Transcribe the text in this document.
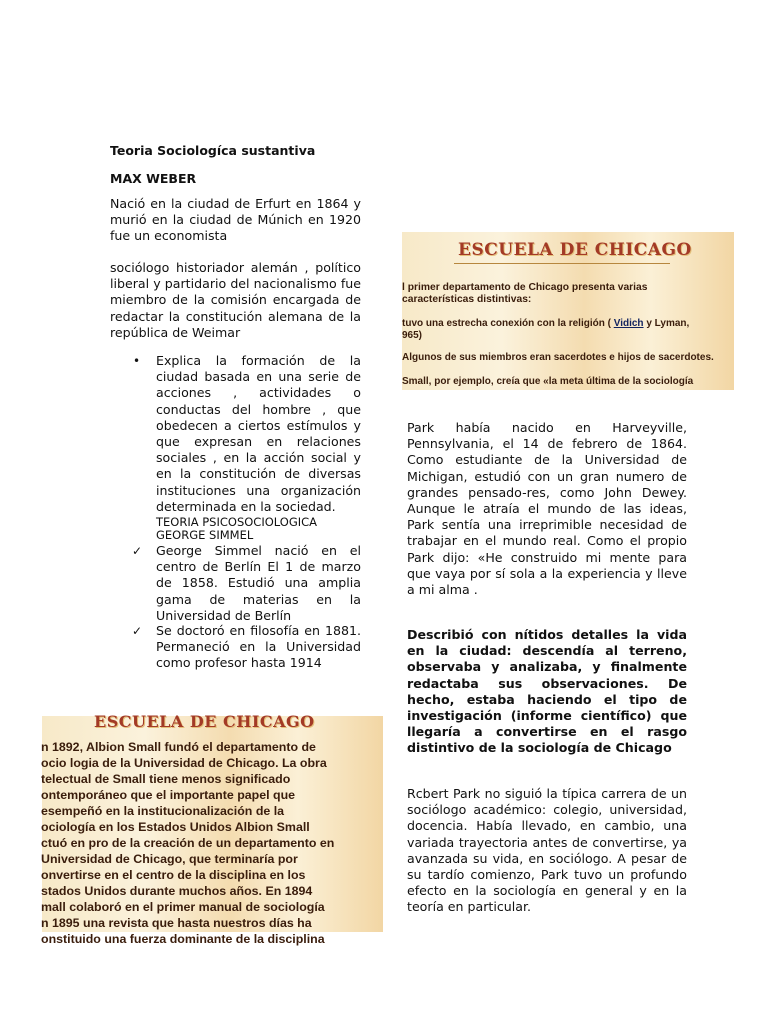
Teoria Sociologíca sustantiva
MAX WEBER
Nació en la ciudad de Erfurt en 1864 y murió en la ciudad de Múnich en 1920 fue un economista
sociólogo historiador alemán , político liberal y partidario del nacionalismo fue miembro de la comisión encargada de redactar la constitución alemana de la república de Weimar
• Explica la formación de la ciudad basada en una serie de acciones , actividades o conductas del hombre , que obedecen a ciertos estímulos y que expresan en relaciones sociales , en la acción social y en la constitución de diversas instituciones una organización determinada en la sociedad.
TEORIA PSICOSOCIOLOGICA
GEORGE SIMMEL
✓ George Simmel nació en el centro de Berlín El 1 de marzo de 1858. Estudió una amplia gama de materias en la Universidad de Berlín
✓ Se doctoró en filosofía en 1881. Permaneció en la Universidad como profesor hasta 1914
ESCUELA DE CHICAGO
l primer departamento de Chicago presenta varias
características distintivas:
tuvo una estrecha conexión con la religión ( Vidich y Lyman,
965)
Algunos de sus miembros eran sacerdotes e hijos de sacerdotes.
Small, por ejemplo, creía que «la meta última de la sociología
ESCUELA DE CHICAGO
n 1892, Albion Small fundó el departamento de
ocio logia de la Universidad de Chicago. La obra
telectual de Small tiene menos significado
ontemporáneo que el importante papel que
esempeñó en la institucionalización de la
ociología en los Estados Unidos Albion Small
ctuó en pro de la creación de un departamento en
Universidad de Chicago, que terminaría por
onvertirse en el centro de la disciplina en los
stados Unidos durante muchos años. En 1894
mall colaboró en el primer manual de sociología
n 1895 una revista que hasta nuestros días ha
onstituido una fuerza dominante de la disciplina
Park había nacido en Harveyville, Pennsylvania, el 14 de febrero de 1864. Como estudiante de la Universidad de Michigan, estudió con un gran numero de grandes pensado-res, como John Dewey. Aunque le atraía el mundo de las ideas, Park sentía una irreprimible necesidad de trabajar en el mundo real. Como el propio Park dijo: «He construido mi mente para que vaya por sí sola a la experiencia y lleve a mi alma .
Describió con nítidos detalles la vida en la ciudad: descendía al terreno, observaba y analizaba, y finalmente redactaba sus observaciones. De hecho, estaba haciendo el tipo de investigación (informe científico) que llegaría a convertirse en el rasgo distintivo de la sociología de Chicago
Rcbert Park no siguió la típica carrera de un sociólogo académico: colegio, universidad, docencia. Había llevado, en cambio, una variada trayectoria antes de convertirse, ya avanzada su vida, en sociólogo. A pesar de su tardío comienzo, Park tuvo un profundo efecto en la sociología en general y en la teoría en particular.
